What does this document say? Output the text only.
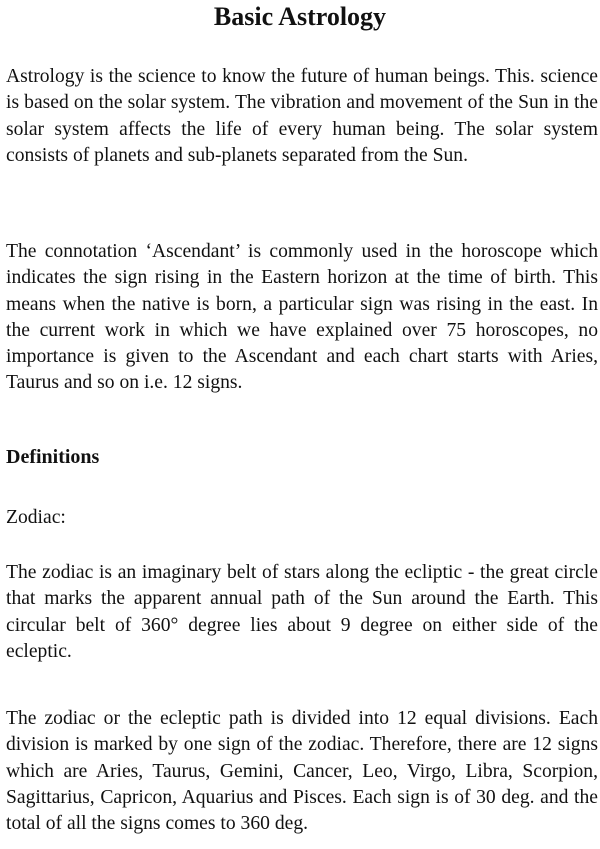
Basic Astrology

Astrology is the science to know the future of human beings. This. science is based on the solar system. The vibration and movement of the Sun in the solar system affects the life of every human being. The solar system consists of planets and sub-planets separated from the Sun.

The connotation ‘Ascendant’ is commonly used in the horoscope which indicates the sign rising in the Eastern horizon at the time of birth. This means when the native is born, a particular sign was rising in the east. In the current work in which we have explained over 75 horoscopes, no importance is given to the Ascendant and each chart starts with Aries, Taurus and so on i.e. 12 signs.

Definitions

Zodiac:

The zodiac is an imaginary belt of stars along the ecliptic - the great circle that marks the apparent annual path of the Sun around the Earth. This circular belt of 360° degree lies about 9 degree on either side of the ecleptic.

The zodiac or the ecleptic path is divided into 12 equal divisions. Each division is marked by one sign of the zodiac. Therefore, there are 12 signs which are Aries, Taurus, Gemini, Cancer, Leo, Virgo, Libra, Scorpion, Sagittarius, Capricon, Aquarius and Pisces. Each sign is of 30 deg. and the total of all the signs comes to 360 deg.
